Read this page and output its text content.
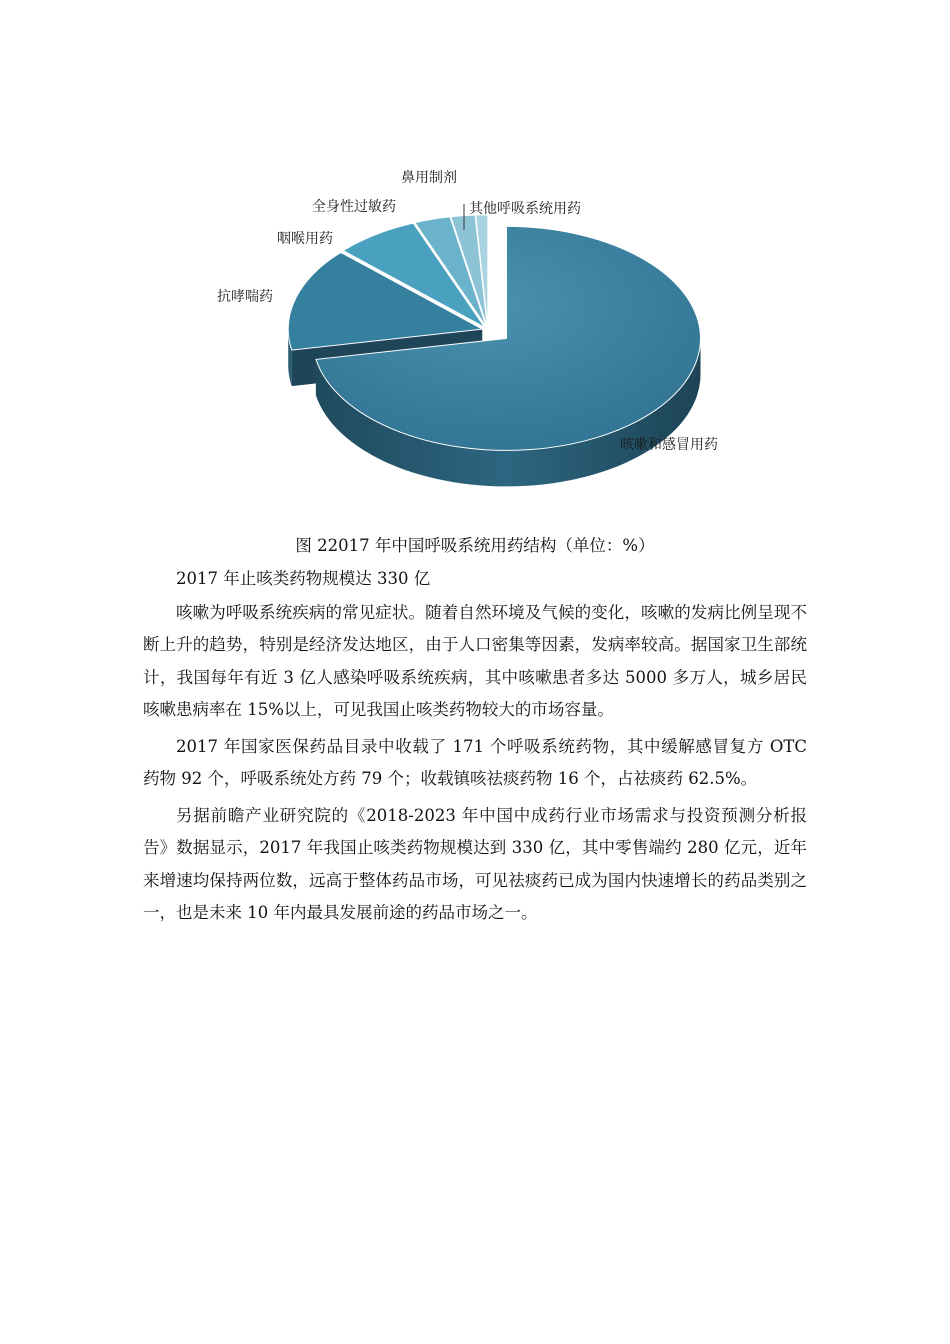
咳嗽和感冒用药
抗哮喘药
咽喉用药
全身性过敏药
鼻用制剂
其他呼吸系统用药
图 22017 年中国呼吸系统用药结构（单位：%）

2017 年止咳类药物规模达 330 亿

咳嗽为呼吸系统疾病的常见症状。随着自然环境及气候的变化，咳嗽的发病比例呈现不断上升的趋势，特别是经济发达地区，由于人口密集等因素，发病率较高。据国家卫生部统计，我国每年有近 3 亿人感染呼吸系统疾病，其中咳嗽患者多达 5000 多万人，城乡居民咳嗽患病率在 15%以上，可见我国止咳类药物较大的市场容量。

2017 年国家医保药品目录中收载了 171 个呼吸系统药物，其中缓解感冒复方 OTC 药物 92 个，呼吸系统处方药 79 个；收载镇咳祛痰药物 16 个，占祛痰药 62.5%。

另据前瞻产业研究院的《2018-2023 年中国中成药行业市场需求与投资预测分析报告》数据显示，2017 年我国止咳类药物规模达到 330 亿，其中零售端约 280 亿元，近年来增速均保持两位数，远高于整体药品市场，可见祛痰药已成为国内快速增长的药品类别之一，也是未来 10 年内最具发展前途的药品市场之一。
